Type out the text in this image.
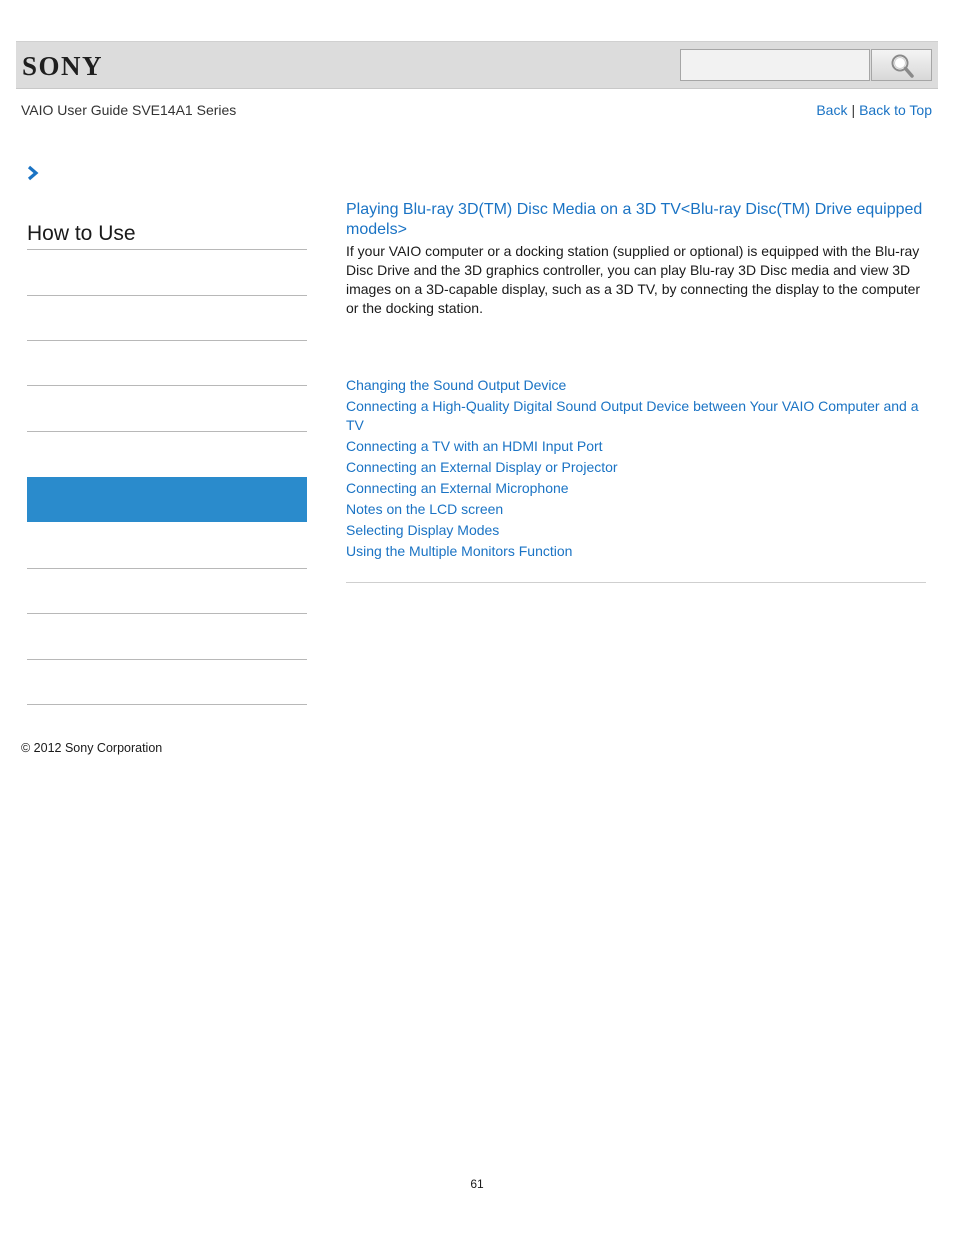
SONY
VAIO User Guide SVE14A1 Series	Back | Back to Top
How to Use
Playing Blu-ray 3D(TM) Disc Media on a 3D TV<Blu-ray Disc(TM) Drive equipped models>

If your VAIO computer or a docking station (supplied or optional) is equipped with the Blu-ray Disc Drive and the 3D graphics controller, you can play Blu-ray 3D Disc media and view 3D images on a 3D-capable display, such as a 3D TV, by connecting the display to the computer or the docking station.

Changing the Sound Output Device
Connecting a High-Quality Digital Sound Output Device between Your VAIO Computer and a TV
Connecting a TV with an HDMI Input Port
Connecting an External Display or Projector
Connecting an External Microphone
Notes on the LCD screen
Selecting Display Modes
Using the Multiple Monitors Function
© 2012 Sony Corporation
61
